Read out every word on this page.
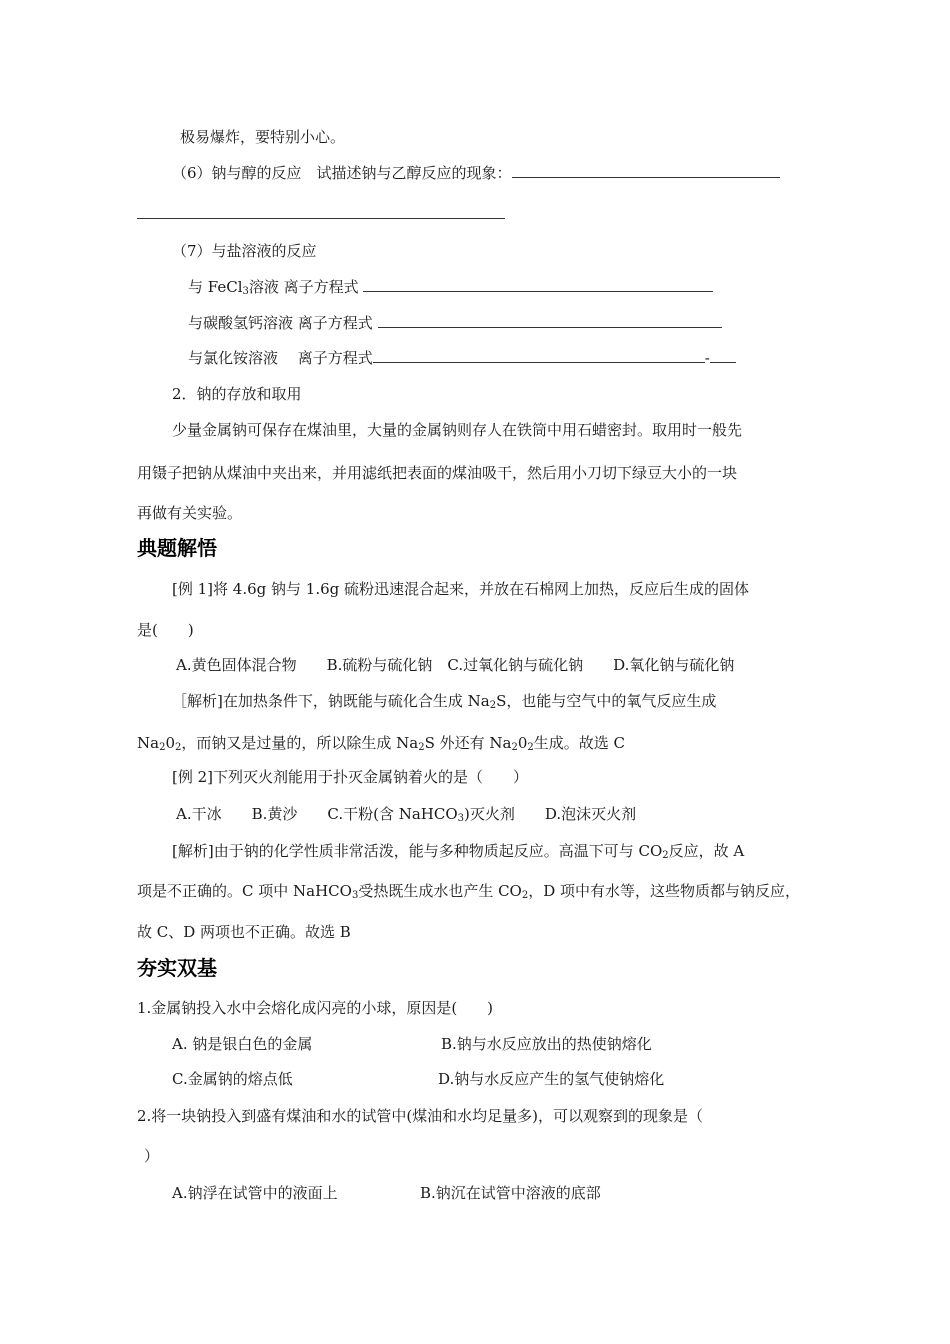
极易爆炸，要特别小心。
（6）钠与醇的反应　试描述钠与乙醇反应的现象：
（7）与盐溶液的反应
与 FeCl$_3$溶液 离子方程式
与碳酸氢钙溶液 离子方程式
与氯化铵溶液　 离子方程式	-
2．钠的存放和取用
少量金属钠可保存在煤油里，大量的金属钠则存人在铁筒中用石蜡密封。取用时一般先
用镊子把钠从煤油中夹出来，并用滤纸把表面的煤油吸干，然后用小刀切下绿豆大小的一块
再做有关实验。
典题解悟
[例 1]将 4.6g 钠与 1.6g 硫粉迅速混合起来，并放在石棉网上加热，反应后生成的固体
是(　　)
A.黄色固体混合物　　B.硫粉与硫化钠　C.过氧化钠与硫化钠　　D.氧化钠与硫化钠
［解析]在加热条件下，钠既能与硫化合生成 $Na_2S$，也能与空气中的氧气反应生成
$Na_20_2$，而钠又是过量的，所以除生成 $Na_2S$ 外还有 $Na_20_2$生成。故选 C
[例 2]下列灭火剂能用于扑灭金属钠着火的是（　　）
A.干冰　　B.黄沙　　C.干粉(含 NaHCO$_3$)灭火剂　　D.泡沫灭火剂
[解析]由于钠的化学性质非常活泼，能与多种物质起反应。高温下可与 $CO_2$反应，故 A
项是不正确的。C 项中 NaHCO$_3$受热既生成水也产生 $CO_2$，D 项中有水等，这些物质都与钠反应，
故 C、D 两项也不正确。故选 B
夯实双基
1.金属钠投入水中会熔化成闪亮的小球，原因是(　　)
A. 钠是银白色的金属	B.钠与水反应放出的热使钠熔化
C.金属钠的熔点低	D.钠与水反应产生的氢气使钠熔化
2.将一块钠投入到盛有煤油和水的试管中(煤油和水均足量多)，可以观察到的现象是（
）
A.钠浮在试管中的液面上	B.钠沉在试管中溶液的底部
